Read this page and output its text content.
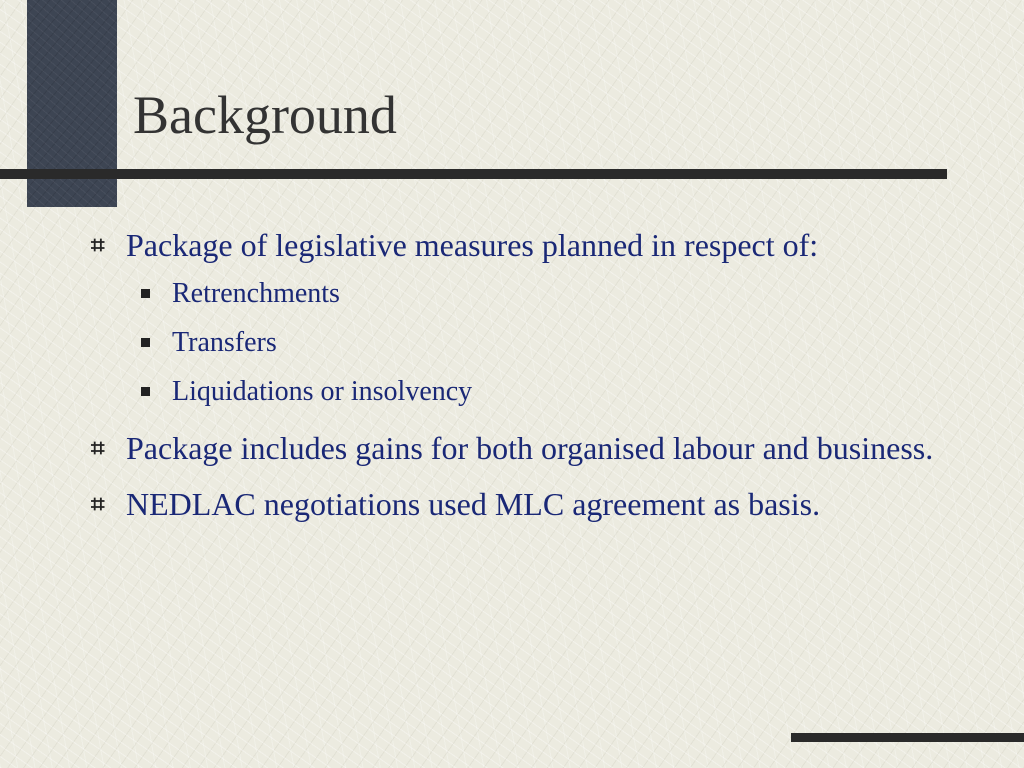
Background
⌗ Package of legislative measures planned in respect of:
Retrenchments
Transfers
Liquidations or insolvency
⌗ Package includes gains for both organised labour and business.
⌗ NEDLAC negotiations used MLC agreement as basis.
